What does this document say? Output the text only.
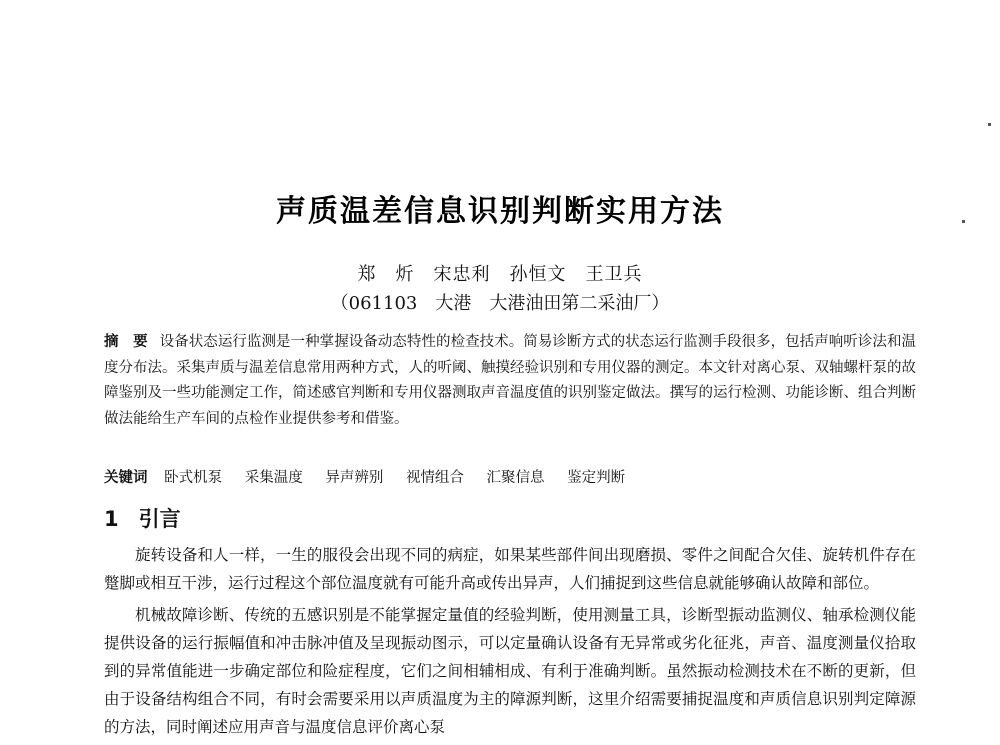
声质温差信息识别判断实用方法
郑　炘　宋忠利　孙恒文　王卫兵
（061103　大港　大港油田第二采油厂）
摘　要 设备状态运行监测是一种掌握设备动态特性的检查技术。简易诊断方式的状态运行监测手段很多，包括声响听诊法和温度分布法。采集声质与温差信息常用两种方式，人的听阈、触摸经验识别和专用仪器的测定。本文针对离心泵、双轴螺杆泵的故障鉴别及一些功能测定工作，简述感官判断和专用仪器测取声音温度值的识别鉴定做法。撰写的运行检测、功能诊断、组合判断做法能给生产车间的点检作业提供参考和借鉴。
关键词 卧式机泵 采集温度 异声辨别 视情组合 汇聚信息 鉴定判断
1 引言

旋转设备和人一样，一生的服役会出现不同的病症，如果某些部件间出现磨损、零件之间配合欠佳、旋转机件存在蹩脚或相互干涉，运行过程这个部位温度就有可能升高或传出异声，人们捕捉到这些信息就能够确认故障和部位。

机械故障诊断、传统的五感识别是不能掌握定量值的经验判断，使用测量工具，诊断型振动监测仪、轴承检测仪能提供设备的运行振幅值和冲击脉冲值及呈现振动图示，可以定量确认设备有无异常或劣化征兆，声音、温度测量仪拾取到的异常值能进一步确定部位和险症程度，它们之间相辅相成、有利于准确判断。虽然振动检测技术在不断的更新，但由于设备结构组合不同，有时会需要采用以声质温度为主的障源判断，这里介绍需要捕捉温度和声质信息识别判定障源的方法，同时阐述应用声音与温度信息评价离心泵
